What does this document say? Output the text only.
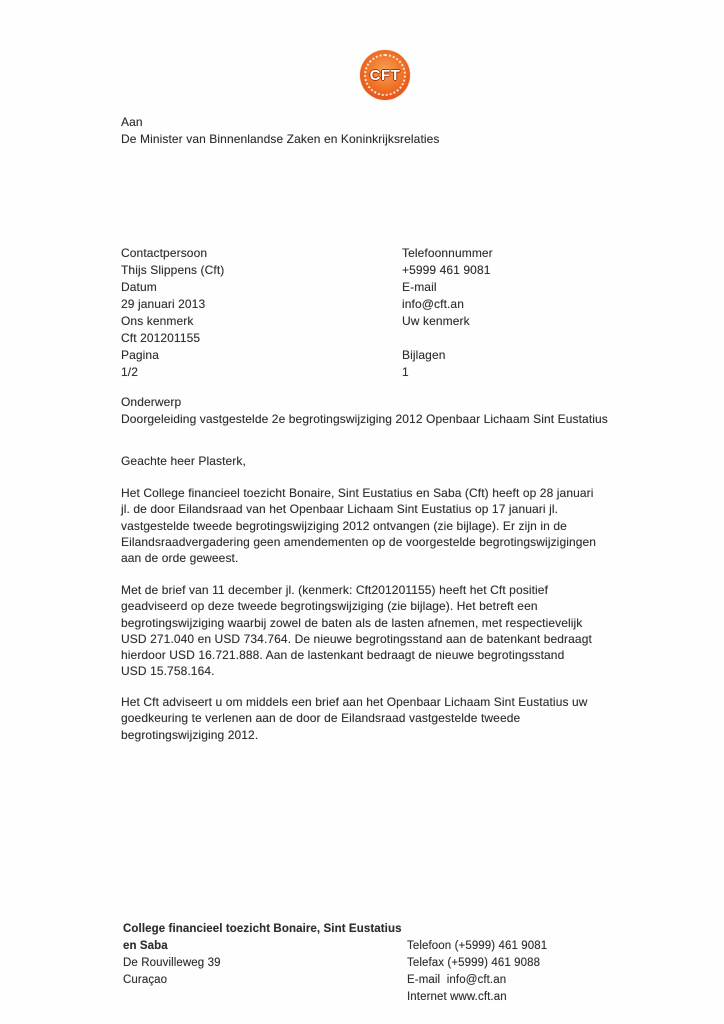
CFT
Aan
De Minister van Binnenlandse Zaken en Koninkrijksrelaties
Contactpersoon
Thijs Slippens (Cft)
Datum
29 januari 2013
Ons kenmerk
Cft 201201155
Pagina
1/2
Telefoonnummer
+5999 461 9081
E-mail
info@cft.an
Uw kenmerk

Bijlagen
1
Onderwerp
Doorgeleiding vastgestelde 2e begrotingswijziging 2012 Openbaar Lichaam Sint Eustatius
Geachte heer Plasterk,
Het College financieel toezicht Bonaire, Sint Eustatius en Saba (Cft) heeft op 28 januari
jl. de door Eilandsraad van het Openbaar Lichaam Sint Eustatius op 17 januari jl.
vastgestelde tweede begrotingswijziging 2012 ontvangen (zie bijlage). Er zijn in de
Eilandsraadvergadering geen amendementen op de voorgestelde begrotingswijzigingen
aan de orde geweest.
Met de brief van 11 december jl. (kenmerk: Cft201201155) heeft het Cft positief
geadviseerd op deze tweede begrotingswijziging (zie bijlage). Het betreft een
begrotingswijziging waarbij zowel de baten als de lasten afnemen, met respectievelijk
USD 271.040 en USD 734.764. De nieuwe begrotingsstand aan de batenkant bedraagt
hierdoor USD 16.721.888. Aan de lastenkant bedraagt de nieuwe begrotingsstand
USD 15.758.164.
Het Cft adviseert u om middels een brief aan het Openbaar Lichaam Sint Eustatius uw
goedkeuring te verlenen aan de door de Eilandsraad vastgestelde tweede
begrotingswijziging 2012.
College financieel toezicht Bonaire, Sint Eustatius
en Saba
De Rouvilleweg 39
Curaçao
Telefoon (+5999) 461 9081
Telefax (+5999) 461 9088
E-mail  info@cft.an
Internet www.cft.an
